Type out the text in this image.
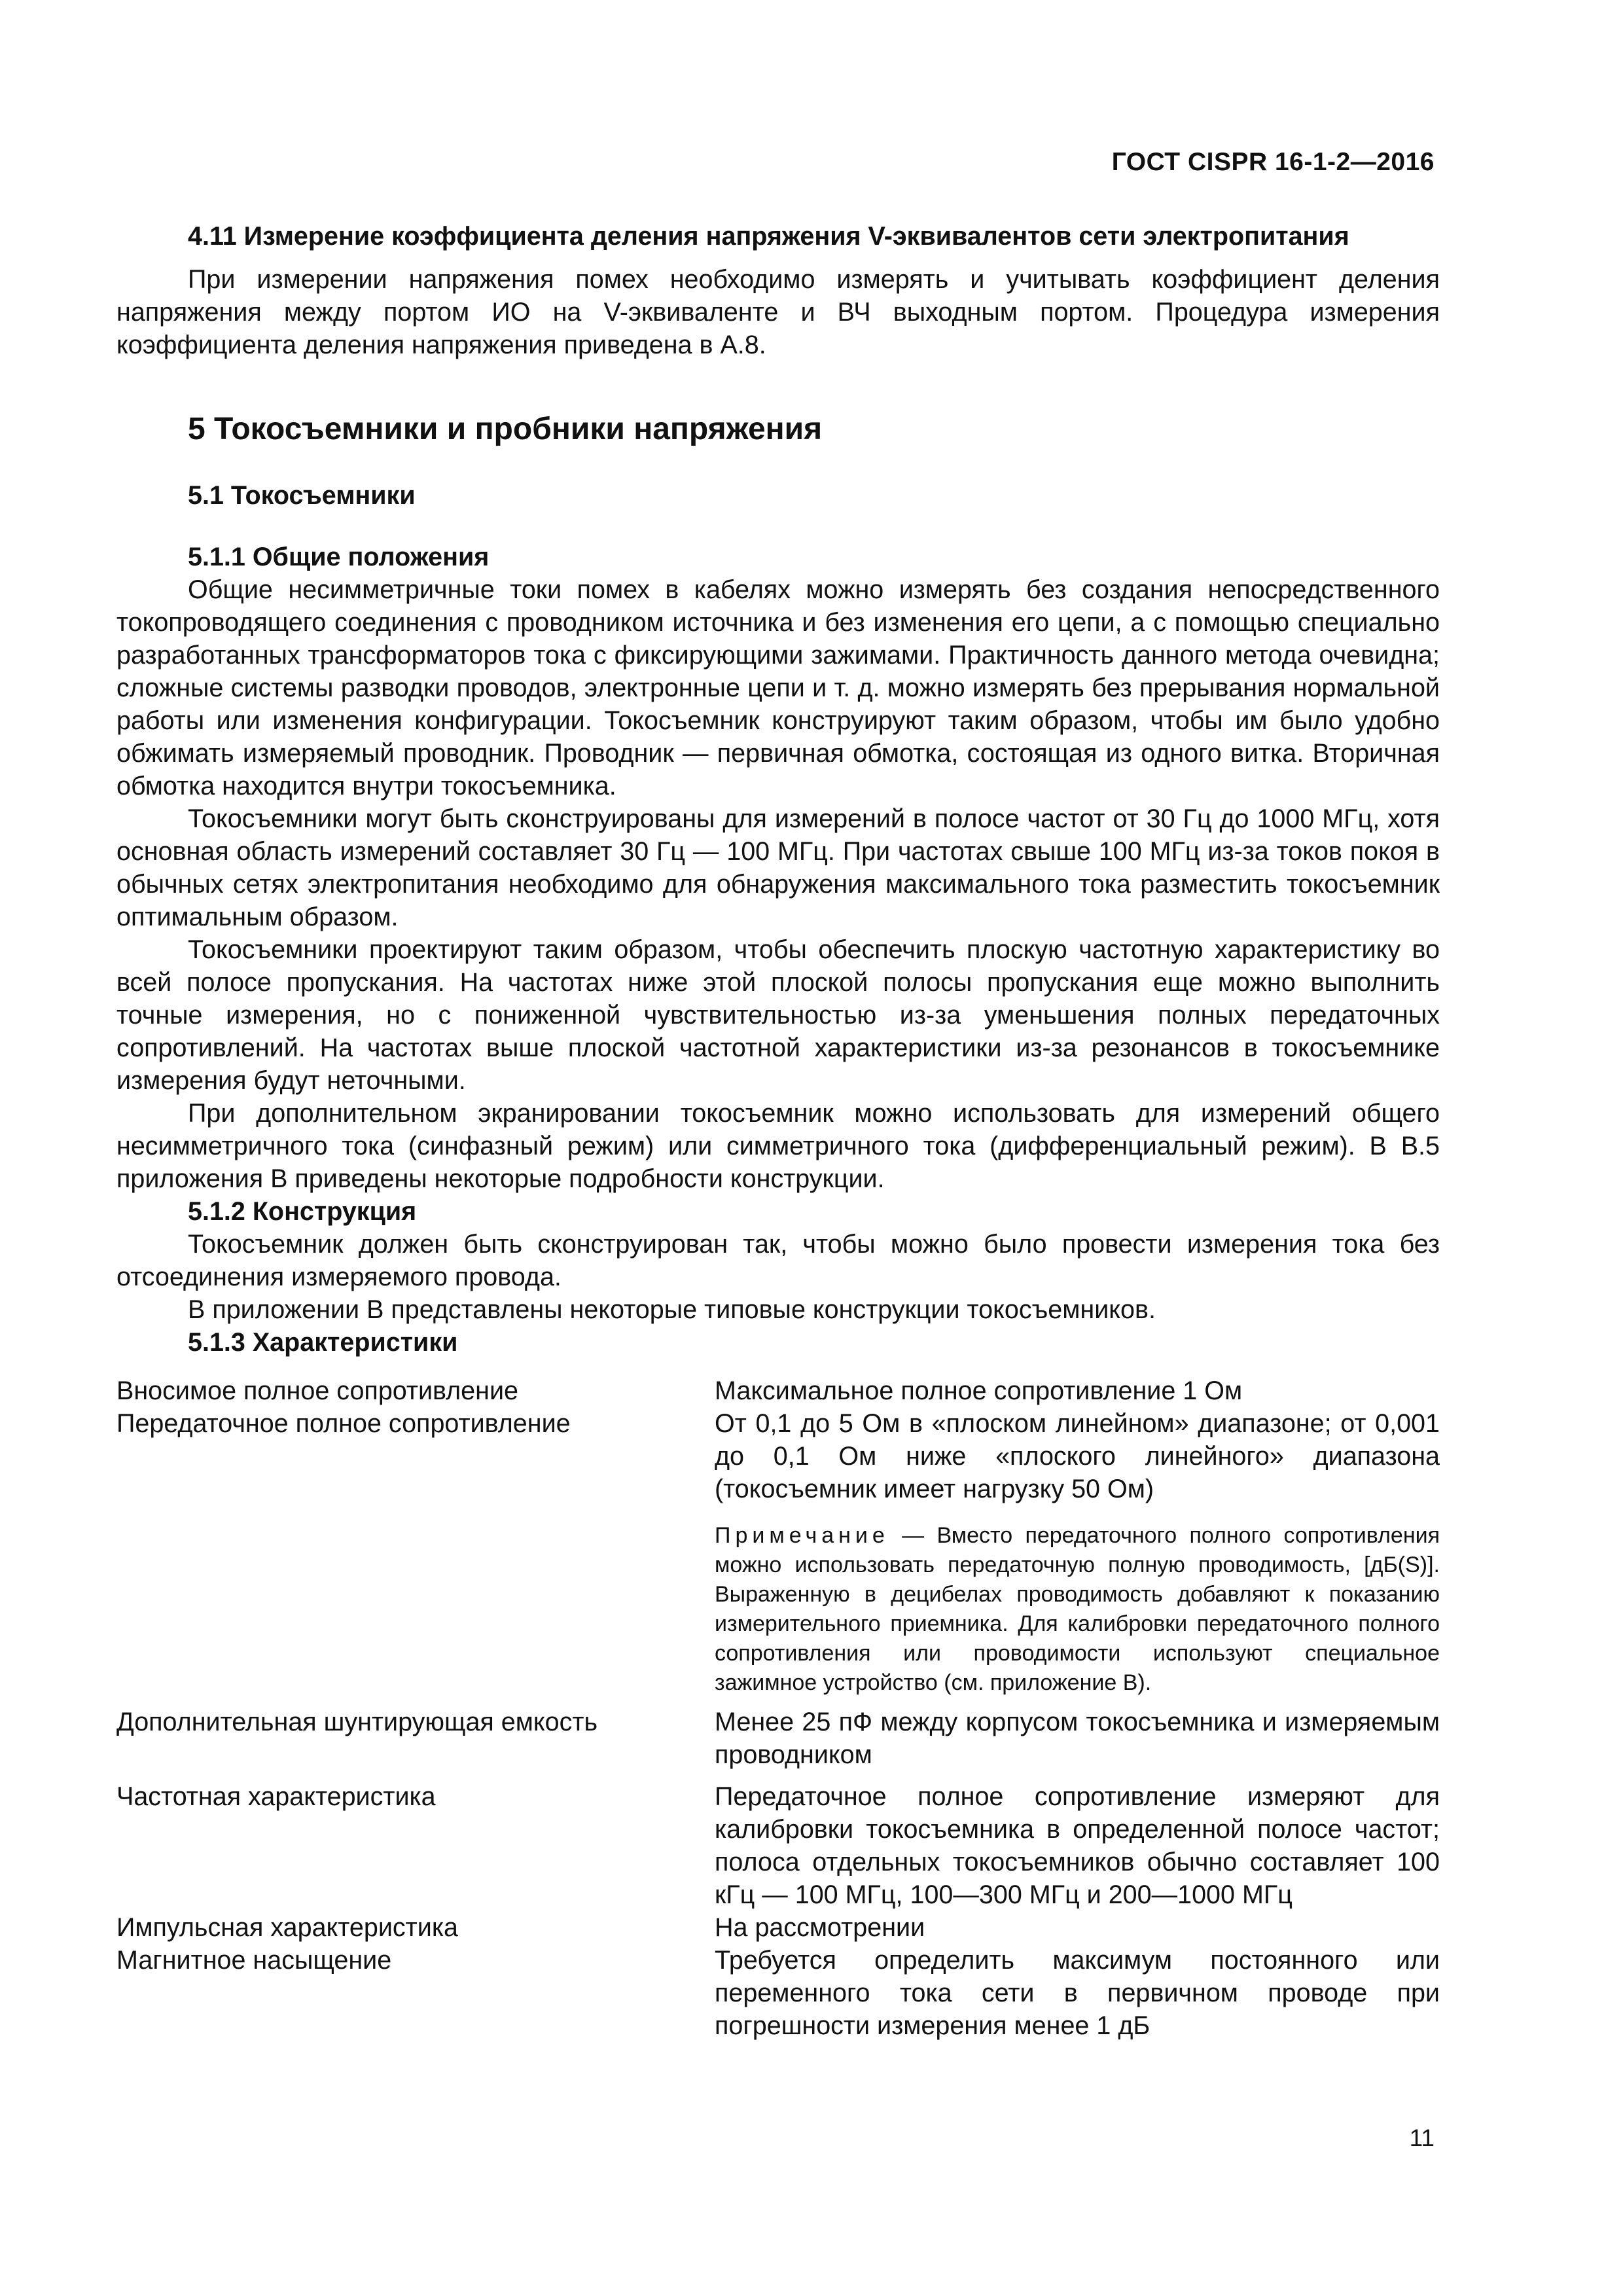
ГОСТ CISPR 16-1-2—2016

4.11 Измерение коэффициента деления напряжения V-эквивалентов сети электропитания

При измерении напряжения помех необходимо измерять и учитывать коэффициент деления напряжения между портом ИО на V-эквиваленте и ВЧ выходным портом. Процедура измерения коэффициента деления напряжения приведена в А.8.

5 Токосъемники и пробники напряжения

5.1 Токосъемники

5.1.1 Общие положения

Общие несимметричные токи помех в кабелях можно измерять без создания непосредственного токопроводящего соединения с проводником источника и без изменения его цепи, а с помощью специально разработанных трансформаторов тока с фиксирующими зажимами. Практичность данного метода очевидна; сложные системы разводки проводов, электронные цепи и т. д. можно измерять без прерывания нормальной работы или изменения конфигурации. Токосъемник конструируют таким образом, чтобы им было удобно обжимать измеряемый проводник. Проводник — первичная обмотка, состоящая из одного витка. Вторичная обмотка находится внутри токосъемника.

Токосъемники могут быть сконструированы для измерений в полосе частот от 30 Гц до 1000 МГц, хотя основная область измерений составляет 30 Гц — 100 МГц. При частотах свыше 100 МГц из-за токов покоя в обычных сетях электропитания необходимо для обнаружения максимального тока разместить токосъемник оптимальным образом.

Токосъемники проектируют таким образом, чтобы обеспечить плоскую частотную характеристику во всей полосе пропускания. На частотах ниже этой плоской полосы пропускания еще можно выполнить точные измерения, но с пониженной чувствительностью из-за уменьшения полных передаточных сопротивлений. На частотах выше плоской частотной характеристики из-за резонансов в токосъемнике измерения будут неточными.

При дополнительном экранировании токосъемник можно использовать для измерений общего несимметричного тока (синфазный режим) или симметричного тока (дифференциальный режим). В В.5 приложения В приведены некоторые подробности конструкции.

5.1.2 Конструкция

Токосъемник должен быть сконструирован так, чтобы можно было провести измерения тока без отсоединения измеряемого провода.

В приложении В представлены некоторые типовые конструкции токосъемников.

5.1.3 Характеристики

Вносимое полное сопротивление	Максимальное полное сопротивление 1 Ом
Передаточное полное сопротивление	От 0,1 до 5 Ом в «плоском линейном» диапазоне; от 0,001 до 0,1 Ом ниже «плоского линейного» диапазона (токосъемник имеет нагрузку 50 Ом)
Примечание — Вместо передаточного полного сопротивления можно использовать передаточную полную проводимость, [дБ(S)]. Выраженную в децибелах проводимость добавляют к показанию измерительного приемника. Для калибровки передаточного полного сопротивления или проводимости используют специальное зажимное устройство (см. приложение В).
Дополнительная шунтирующая емкость	Менее 25 пФ между корпусом токосъемника и измеряемым проводником
Частотная характеристика	Передаточное полное сопротивление измеряют для калибровки токосъемника в определенной полосе частот; полоса отдельных токосъемников обычно составляет 100 кГц — 100 МГц, 100—300 МГц и 200—1000 МГц
Импульсная характеристика	На рассмотрении
Магнитное насыщение	Требуется определить максимум постоянного или переменного тока сети в первичном проводе при погрешности измерения менее 1 дБ
11
